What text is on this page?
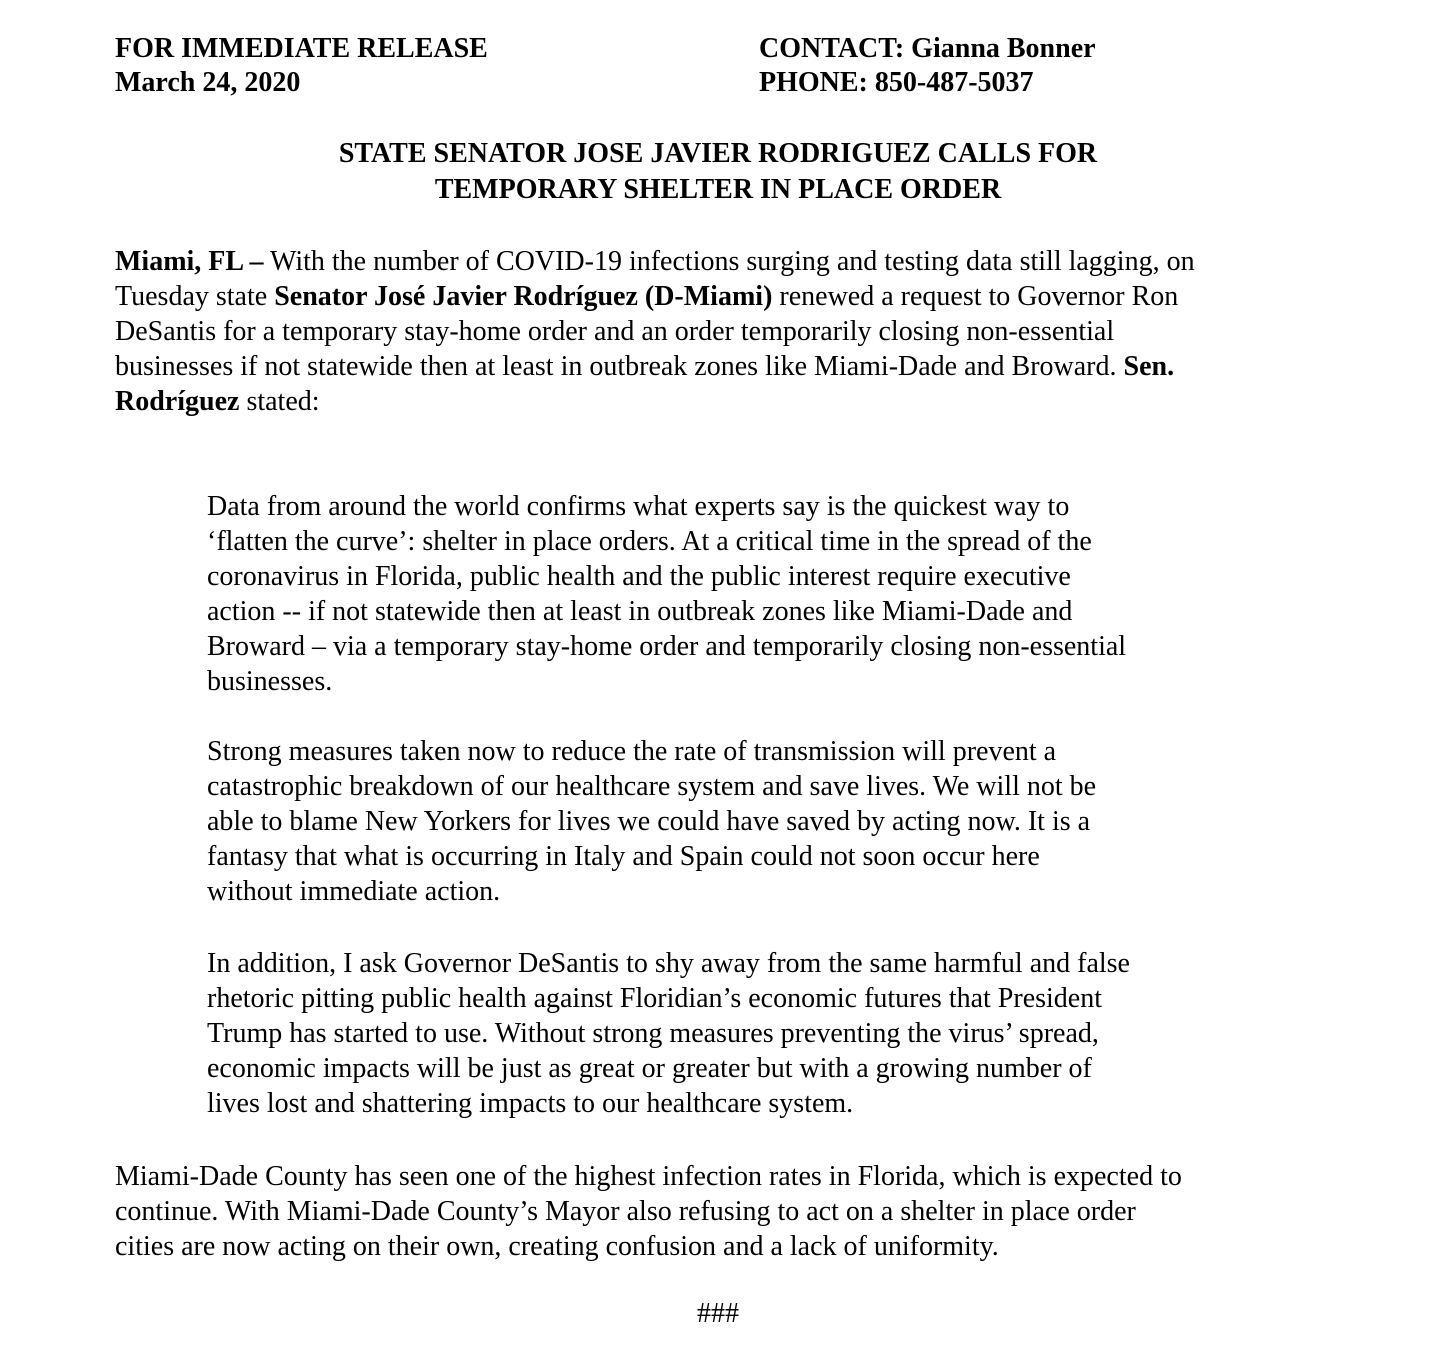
FOR IMMEDIATE RELEASE
March 24, 2020
CONTACT: Gianna Bonner
PHONE: 850-487-5037
STATE SENATOR JOSE JAVIER RODRIGUEZ CALLS FOR
TEMPORARY SHELTER IN PLACE ORDER
Miami, FL – With the number of COVID-19 infections surging and testing data still lagging, on
Tuesday state Senator José Javier Rodríguez (D-Miami) renewed a request to Governor Ron
DeSantis for a temporary stay-home order and an order temporarily closing non-essential
businesses if not statewide then at least in outbreak zones like Miami-Dade and Broward. Sen.
Rodríguez stated:
Data from around the world confirms what experts say is the quickest way to
‘flatten the curve’: shelter in place orders. At a critical time in the spread of the
coronavirus in Florida, public health and the public interest require executive
action -- if not statewide then at least in outbreak zones like Miami-Dade and
Broward – via a temporary stay-home order and temporarily closing non-essential
businesses.
Strong measures taken now to reduce the rate of transmission will prevent a
catastrophic breakdown of our healthcare system and save lives. We will not be
able to blame New Yorkers for lives we could have saved by acting now. It is a
fantasy that what is occurring in Italy and Spain could not soon occur here
without immediate action.
In addition, I ask Governor DeSantis to shy away from the same harmful and false
rhetoric pitting public health against Floridian’s economic futures that President
Trump has started to use. Without strong measures preventing the virus’ spread,
economic impacts will be just as great or greater but with a growing number of
lives lost and shattering impacts to our healthcare system.
Miami-Dade County has seen one of the highest infection rates in Florida, which is expected to
continue. With Miami-Dade County’s Mayor also refusing to act on a shelter in place order
cities are now acting on their own, creating confusion and a lack of uniformity.
###
